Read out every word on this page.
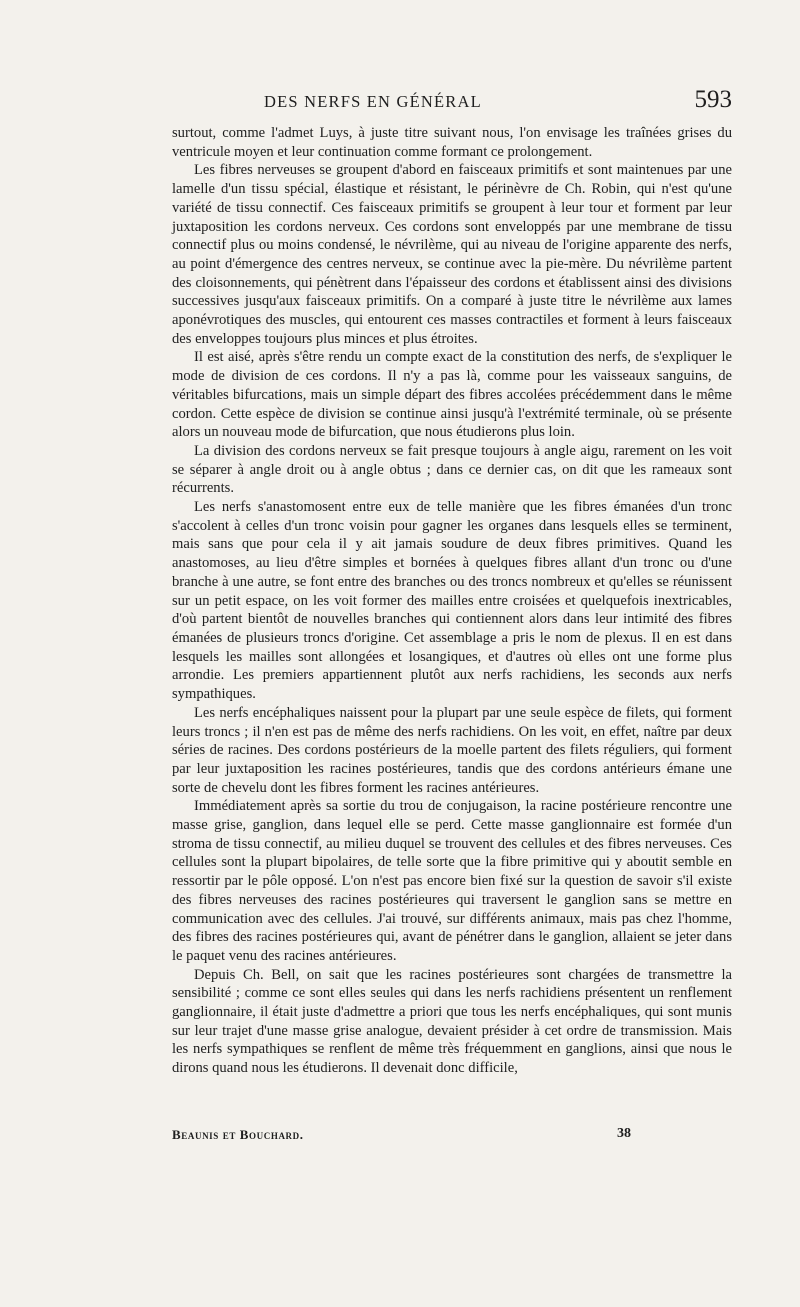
DES NERFS EN GÉNÉRAL	593

surtout, comme l'admet Luys, à juste titre suivant nous, l'on envisage les traînées grises du ventricule moyen et leur continuation comme formant ce prolongement.

Les fibres nerveuses se groupent d'abord en faisceaux primitifs et sont maintenues par une lamelle d'un tissu spécial, élastique et résistant, le périnèvre de Ch. Robin, qui n'est qu'une variété de tissu connectif. Ces faisceaux primitifs se groupent à leur tour et forment par leur juxtaposition les cordons nerveux. Ces cordons sont enveloppés par une membrane de tissu connectif plus ou moins condensé, le névrilème, qui au niveau de l'origine apparente des nerfs, au point d'émergence des centres nerveux, se continue avec la pie-mère. Du névrilème partent des cloisonnements, qui pénètrent dans l'épaisseur des cordons et établissent ainsi des divisions successives jusqu'aux faisceaux primitifs. On a comparé à juste titre le névrilème aux lames aponévrotiques des muscles, qui entourent ces masses contractiles et forment à leurs faisceaux des enveloppes toujours plus minces et plus étroites.

Il est aisé, après s'être rendu un compte exact de la constitution des nerfs, de s'expliquer le mode de division de ces cordons. Il n'y a pas là, comme pour les vaisseaux sanguins, de véritables bifurcations, mais un simple départ des fibres accolées précédemment dans le même cordon. Cette espèce de division se continue ainsi jusqu'à l'extrémité terminale, où se présente alors un nouveau mode de bifurcation, que nous étudierons plus loin.

La division des cordons nerveux se fait presque toujours à angle aigu, rarement on les voit se séparer à angle droit ou à angle obtus ; dans ce dernier cas, on dit que les rameaux sont récurrents.

Les nerfs s'anastomosent entre eux de telle manière que les fibres émanées d'un tronc s'accolent à celles d'un tronc voisin pour gagner les organes dans lesquels elles se terminent, mais sans que pour cela il y ait jamais soudure de deux fibres primitives. Quand les anastomoses, au lieu d'être simples et bornées à quelques fibres allant d'un tronc ou d'une branche à une autre, se font entre des branches ou des troncs nombreux et qu'elles se réunissent sur un petit espace, on les voit former des mailles entre croisées et quelquefois inextricables, d'où partent bientôt de nouvelles branches qui contiennent alors dans leur intimité des fibres émanées de plusieurs troncs d'origine. Cet assemblage a pris le nom de plexus. Il en est dans lesquels les mailles sont allongées et losangiques, et d'autres où elles ont une forme plus arrondie. Les premiers appartiennent plutôt aux nerfs rachidiens, les seconds aux nerfs sympathiques.

Les nerfs encéphaliques naissent pour la plupart par une seule espèce de filets, qui forment leurs troncs ; il n'en est pas de même des nerfs rachidiens. On les voit, en effet, naître par deux séries de racines. Des cordons postérieurs de la moelle partent des filets réguliers, qui forment par leur juxtaposition les racines postérieures, tandis que des cordons antérieurs émane une sorte de chevelu dont les fibres forment les racines antérieures.

Immédiatement après sa sortie du trou de conjugaison, la racine postérieure rencontre une masse grise, ganglion, dans lequel elle se perd. Cette masse ganglionnaire est formée d'un stroma de tissu connectif, au milieu duquel se trouvent des cellules et des fibres nerveuses. Ces cellules sont la plupart bipolaires, de telle sorte que la fibre primitive qui y aboutit semble en ressortir par le pôle opposé. L'on n'est pas encore bien fixé sur la question de savoir s'il existe des fibres nerveuses des racines postérieures qui traversent le ganglion sans se mettre en communication avec des cellules. J'ai trouvé, sur différents animaux, mais pas chez l'homme, des fibres des racines postérieures qui, avant de pénétrer dans le ganglion, allaient se jeter dans le paquet venu des racines antérieures.

Depuis Ch. Bell, on sait que les racines postérieures sont chargées de transmettre la sensibilité ; comme ce sont elles seules qui dans les nerfs rachidiens présentent un renflement ganglionnaire, il était juste d'admettre a priori que tous les nerfs encéphaliques, qui sont munis sur leur trajet d'une masse grise analogue, devaient présider à cet ordre de transmission. Mais les nerfs sympathiques se renflent de même très fréquemment en ganglions, ainsi que nous le dirons quand nous les étudierons. Il devenait donc difficile,

Beaunis et Bouchard.	38
